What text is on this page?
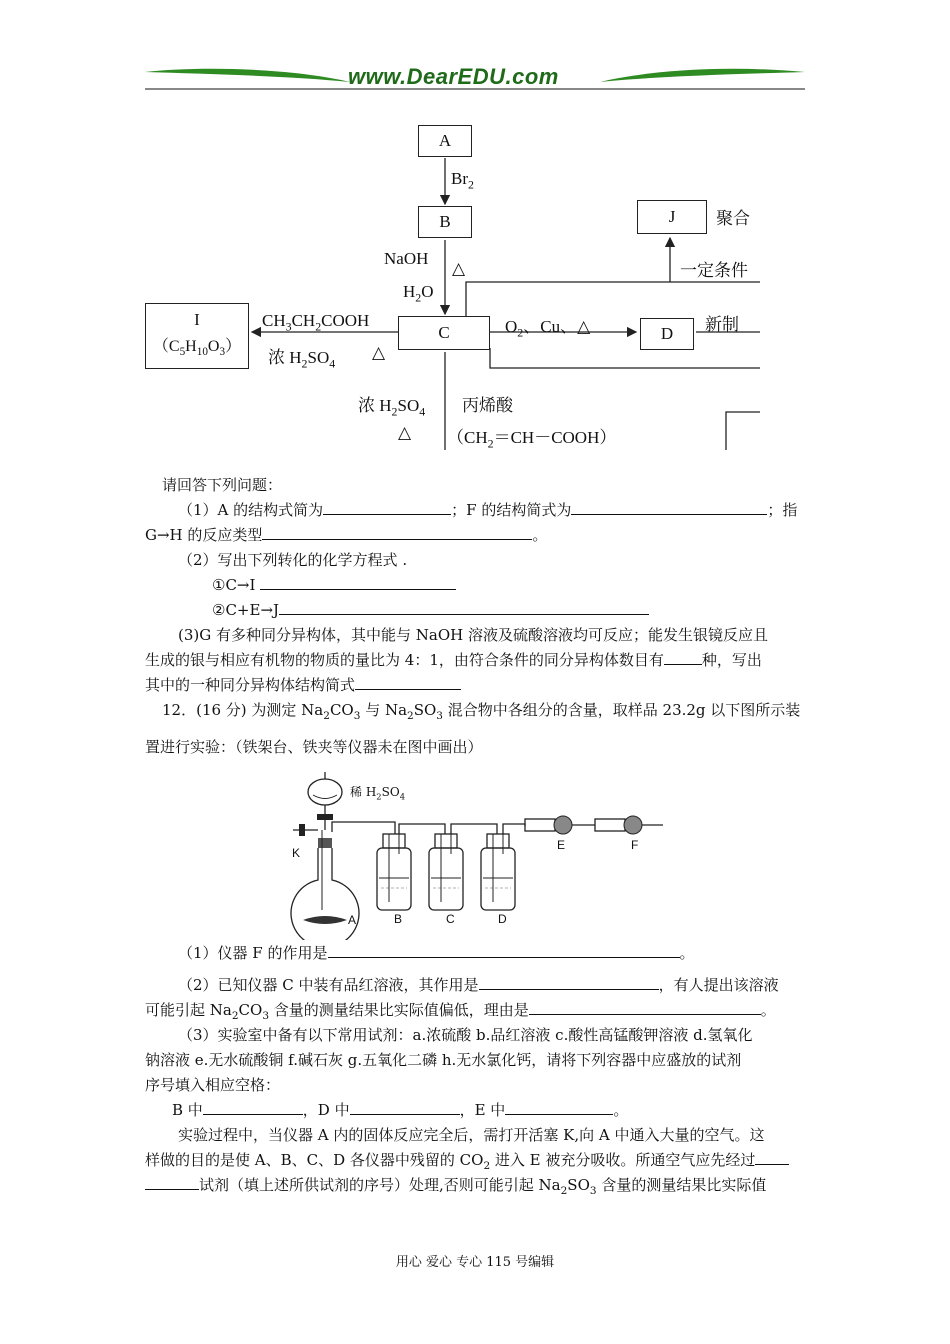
www.DearEDU.com
A
B
C	D
J
I
$(C_5H_{10}O_3)$
$Br_2$
NaOH
△
$H_2O$
$CH_3CH_2COOH$
浓 $H_2SO_4$
△
$O_2$、Cu、△
聚合
一定条件
新制
浓 $H_2SO_4$ 丙烯酸
△ $(CH_2=CH-COOH)$
请回答下列问题：
（1）A 的结构式简为	；F 的结构简式为	；指
G→H 的反应类型	。
（2）写出下列转化的化学方程式 .
①C→I
②C+E→J
(3)G 有多种同分异构体，其中能与 NaOH 溶液及硫酸溶液均可反应；能发生银镜反应且
生成的银与相应有机物的物质的量比为 4：1，由符合条件的同分异构体数目有	种，写出
其中的一种同分异构体结构简式
12．(16 分) 为测定 $Na_2CO_3$ 与 $Na_2SO_3$ 混合物中各组分的含量，取样品 23.2g 以下图所示装
置进行实验：（铁架台、铁夹等仪器未在图中画出）
稀 $H_2SO_4$
K
A	B	C	D
E	F
（1）仪器 F 的作用是	。
（2）已知仪器 C 中装有品红溶液，其作用是	，有人提出该溶液
可能引起 $Na_2CO_3$ 含量的测量结果比实际值偏低，理由是	。
（3）实验室中备有以下常用试剂：a.浓硫酸 b.品红溶液 c.酸性高锰酸钾溶液 d.氢氧化
钠溶液 e.无水硫酸铜 f.碱石灰 g.五氧化二磷 h.无水氯化钙，请将下列容器中应盛放的试剂
序号填入相应空格：
B 中	，D 中	，E 中	。
实验过程中，当仪器 A 内的固体反应完全后，需打开活塞 K,向 A 中通入大量的空气。这
样做的目的是使 A、B、C、D 各仪器中残留的 $CO_2$ 进入 E 被充分吸收。所通空气应先经过
试剂（填上述所供试剂的序号）处理,否则可能引起 $Na_2SO_3$ 含量的测量结果比实际值
用心 爱心 专心 115 号编辑
